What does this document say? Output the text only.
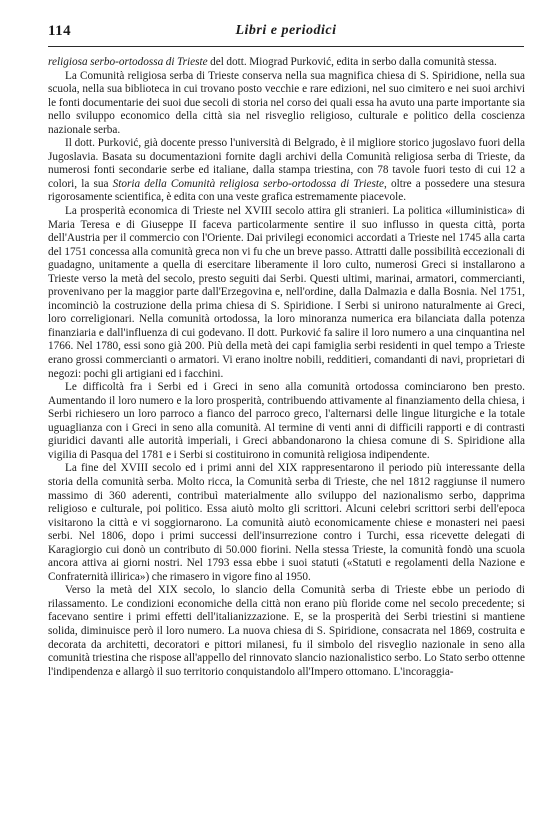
114	Libri e periodici

religiosa serbo-ortodossa di Trieste del dott. Miograd Purković, edita in serbo dalla comunità stessa.

La Comunità religiosa serba di Trieste conserva nella sua magnifica chiesa di S. Spiridione, nella sua scuola, nella sua biblioteca in cui trovano posto vecchie e rare edizioni, nel suo cimitero e nei suoi archivi le fonti documentarie dei suoi due secoli di storia nel corso dei quali essa ha avuto una parte importante sia nello sviluppo economico della città sia nel risveglio religioso, culturale e politico della coscienza nazionale serba.

Il dott. Purković, già docente presso l'università di Belgrado, è il migliore storico jugoslavo fuori della Jugoslavia. Basata su documentazioni fornite dagli archivi della Comunità religiosa serba di Trieste, da numerosi fonti secondarie serbe ed italiane, dalla stampa triestina, con 78 tavole fuori testo di cui 12 a colori, la sua Storia della Comunità religiosa serbo-ortodossa di Trieste, oltre a possedere una stesura rigorosamente scientifica, è edita con una veste grafica estremamente piacevole.

La prosperità economica di Trieste nel XVIII secolo attira gli stranieri. La politica «illuministica» di Maria Teresa e di Giuseppe II faceva particolarmente sentire il suo influsso in questa città, porta dell'Austria per il commercio con l'Oriente. Dai privilegi economici accordati a Trieste nel 1745 alla carta del 1751 concessa alla comunità greca non vi fu che un breve passo. Attratti dalle possibilità eccezionali di guadagno, unitamente a quella di esercitare liberamente il loro culto, numerosi Greci si installarono a Trieste verso la metà del secolo, presto seguiti dai Serbi. Questi ultimi, marinai, armatori, commercianti, provenivano per la maggior parte dall'Erzegovina e, nell'ordine, dalla Dalmazia e dalla Bosnia. Nel 1751, incominciò la costruzione della prima chiesa di S. Spiridione. I Serbi si unirono naturalmente ai Greci, loro correligionari. Nella comunità ortodossa, la loro minoranza numerica era bilanciata dalla potenza finanziaria e dall'influenza di cui godevano. Il dott. Purković fa salire il loro numero a una cinquantina nel 1766. Nel 1780, essi sono già 200. Più della metà dei capi famiglia serbi residenti in quel tempo a Trieste erano grossi commercianti o armatori. Vi erano inoltre nobili, redditieri, comandanti di navi, proprietari di negozi: pochi gli artigiani ed i facchini.

Le difficoltà fra i Serbi ed i Greci in seno alla comunità ortodossa cominciarono ben presto. Aumentando il loro numero e la loro prosperità, contribuendo attivamente al finanziamento della chiesa, i Serbi richiesero un loro parroco a fianco del parroco greco, l'alternarsi delle lingue liturgiche e la totale uguaglianza con i Greci in seno alla comunità. Al termine di venti anni di difficili rapporti e di contrasti giuridici davanti alle autorità imperiali, i Greci abbandonarono la chiesa comune di S. Spiridione alla vigilia di Pasqua del 1781 e i Serbi si costituirono in comunità religiosa indipendente.

La fine del XVIII secolo ed i primi anni del XIX rappresentarono il periodo più interessante della storia della comunità serba. Molto ricca, la Comunità serba di Trieste, che nel 1812 raggiunse il numero massimo di 360 aderenti, contribuì materialmente allo sviluppo del nazionalismo serbo, dapprima religioso e culturale, poi politico. Essa aiutò molto gli scrittori. Alcuni celebri scrittori serbi dell'epoca visitarono la città e vi soggiornarono. La comunità aiutò economicamente chiese e monasteri nei paesi serbi. Nel 1806, dopo i primi successi dell'insurrezione contro i Turchi, essa ricevette delegati di Karagiorgio cui donò un contributo di 50.000 fiorini. Nella stessa Trieste, la comunità fondò una scuola ancora attiva ai giorni nostri. Nel 1793 essa ebbe i suoi statuti («Statuti e regolamenti della Nazione e Confraternità illirica») che rimasero in vigore fino al 1950.

Verso la metà del XIX secolo, lo slancio della Comunità serba di Trieste ebbe un periodo di rilassamento. Le condizioni economiche della città non erano più floride come nel secolo precedente; si facevano sentire i primi effetti dell'italianizzazione. E, se la prosperità dei Serbi triestini si mantiene solida, diminuisce però il loro numero. La nuova chiesa di S. Spiridione, consacrata nel 1869, costruita e decorata da architetti, decoratori e pittori milanesi, fu il simbolo del risveglio nazionale in seno alla comunità triestina che rispose all'appello del rinnovato slancio nazionalistico serbo. Lo Stato serbo ottenne l'indipendenza e allargò il suo territorio conquistandolo all'Impero ottomano. L'incoraggia-
